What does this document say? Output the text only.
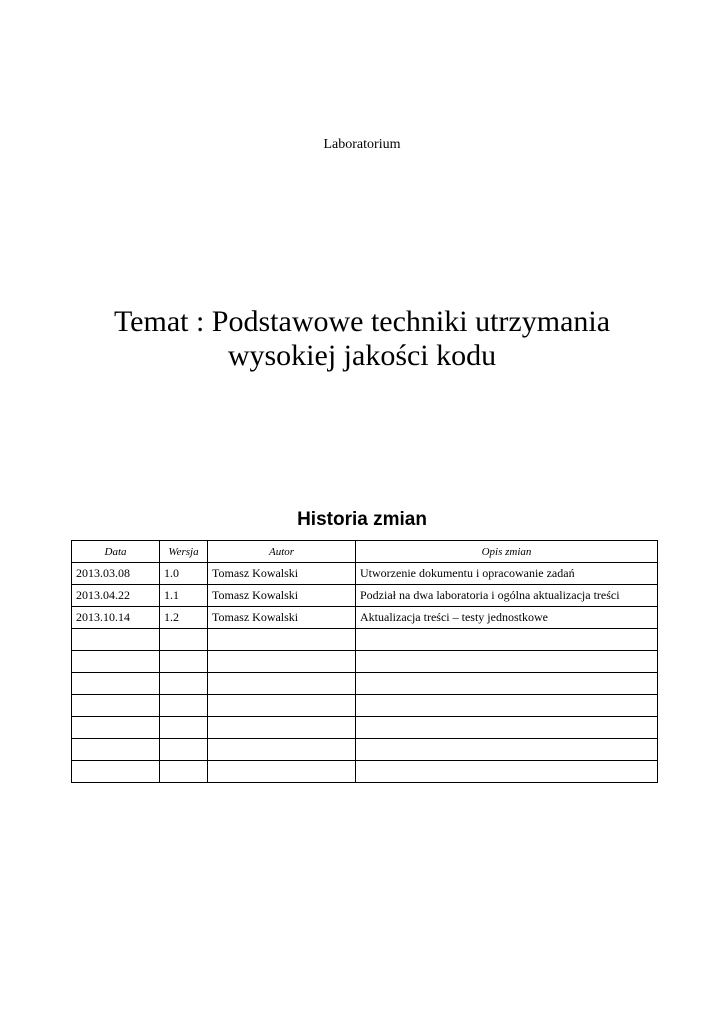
Laboratorium
Temat : Podstawowe techniki utrzymania
wysokiej jakości kodu
Historia zmian
Data	Wersja	Autor	Opis zmian
2013.03.08	1.0	Tomasz Kowalski	Utworzenie dokumentu i opracowanie zadań
2013.04.22	1.1	Tomasz Kowalski	Podział na dwa laboratoria i ogólna aktualizacja treści
2013.10.14	1.2	Tomasz Kowalski	Aktualizacja treści – testy jednostkowe
